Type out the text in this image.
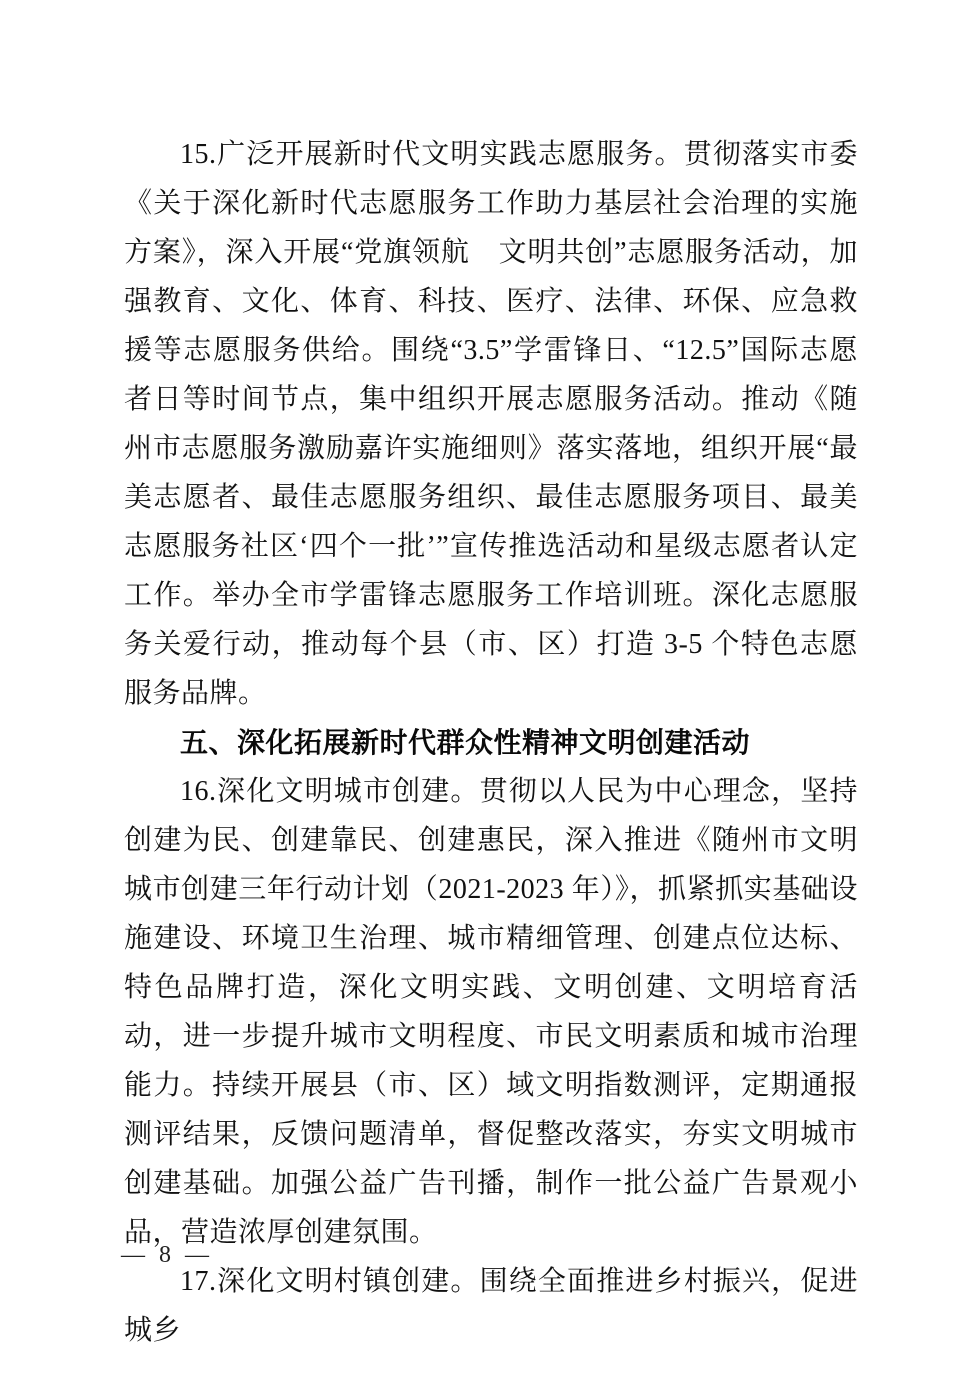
15.广泛开展新时代文明实践志愿服务。贯彻落实市委《关于深化新时代志愿服务工作助力基层社会治理的实施方案》，深入开展“党旗领航　文明共创”志愿服务活动，加强教育、文化、体育、科技、医疗、法律、环保、应急救援等志愿服务供给。围绕“3.5”学雷锋日、“12.5”国际志愿者日等时间节点，集中组织开展志愿服务活动。推动《随州市志愿服务激励嘉许实施细则》落实落地，组织开展“最美志愿者、最佳志愿服务组织、最佳志愿服务项目、最美志愿服务社区‘四个一批’”宣传推选活动和星级志愿者认定工作。举办全市学雷锋志愿服务工作培训班。深化志愿服务关爱行动，推动每个县（市、区）打造 3-5 个特色志愿服务品牌。

五、深化拓展新时代群众性精神文明创建活动

16.深化文明城市创建。贯彻以人民为中心理念，坚持创建为民、创建靠民、创建惠民，深入推进《随州市文明城市创建三年行动计划（2021-2023 年）》，抓紧抓实基础设施建设、环境卫生治理、城市精细管理、创建点位达标、特色品牌打造，深化文明实践、文明创建、文明培育活动，进一步提升城市文明程度、市民文明素质和城市治理能力。持续开展县（市、区）域文明指数测评，定期通报测评结果，反馈问题清单，督促整改落实，夯实文明城市创建基础。加强公益广告刊播，制作一批公益广告景观小品，营造浓厚创建氛围。

17.深化文明村镇创建。围绕全面推进乡村振兴，促进城乡

— 8 —
